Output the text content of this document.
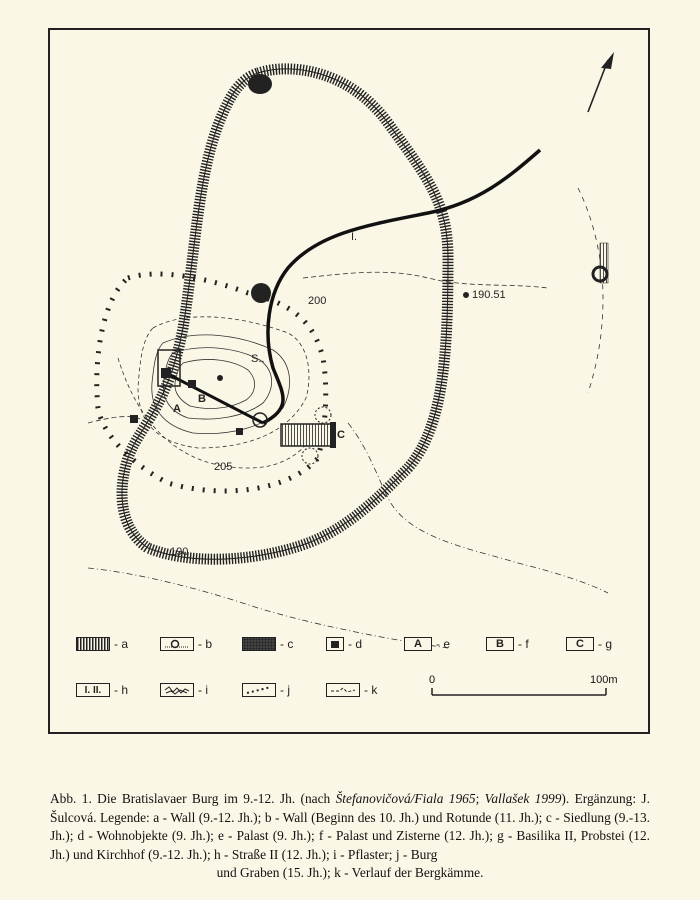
I.
A
B
C
200
205
190
190.51
S..
0	100m
- a	- b	- c	- d	A	- e	B	- f	C	- g
I. II.	- h	- i	- j	- k
Abb. 1. Die Bratislavaer Burg im 9.-12. Jh. (nach Štefanovičová/Fiala 1965; Vallašek 1999). Ergänzung: J. Šulcová. Legende: a - Wall (9.-12. Jh.); b - Wall (Beginn des 10. Jh.) und Rotunde (11. Jh.); c - Siedlung (9.-13. Jh.); d - Wohnobjekte (9. Jh.); e - Palast (9. Jh.); f - Palast und Zisterne (12. Jh.); g - Basilika II, Probstei (12. Jh.) und Kirchhof (9.-12. Jh.); h - Straße II (12. Jh.); i - Pflaster; j - Burg
und Graben (15. Jh.); k - Verlauf der Bergkämme.
